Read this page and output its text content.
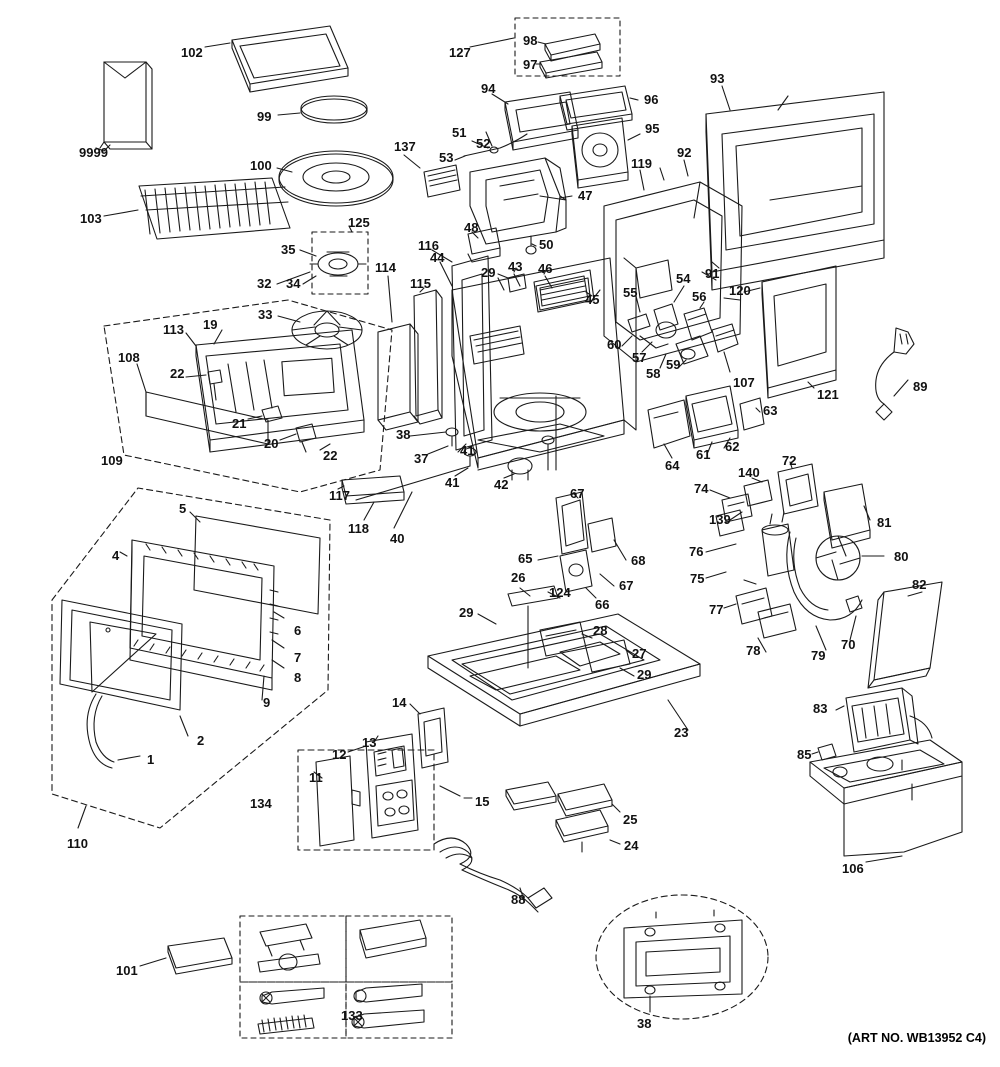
102	127
98
97
93
94
96
99
95
52
51
9999
100
137
53	92
119
47
103	125	48
116	50
91
35
114
44
29 43 46
32 34	115	54
56
55
45
33
120
60
57
113 19
59
58
107
108
22
121
89
109
21
20
22
63
62
61
64
38
37
41
41	42
72
140
74
117
118
40
139	81
67
5
4	68
65
67
66
76	80
75
77
82
26
124
29
28
6
27	78	79
70
7
8
9
29
2
1
14
23
83
13
12
11
85
15
134
25
110	24
106
88
101
133
38
(ART NO. WB13952 C4)
